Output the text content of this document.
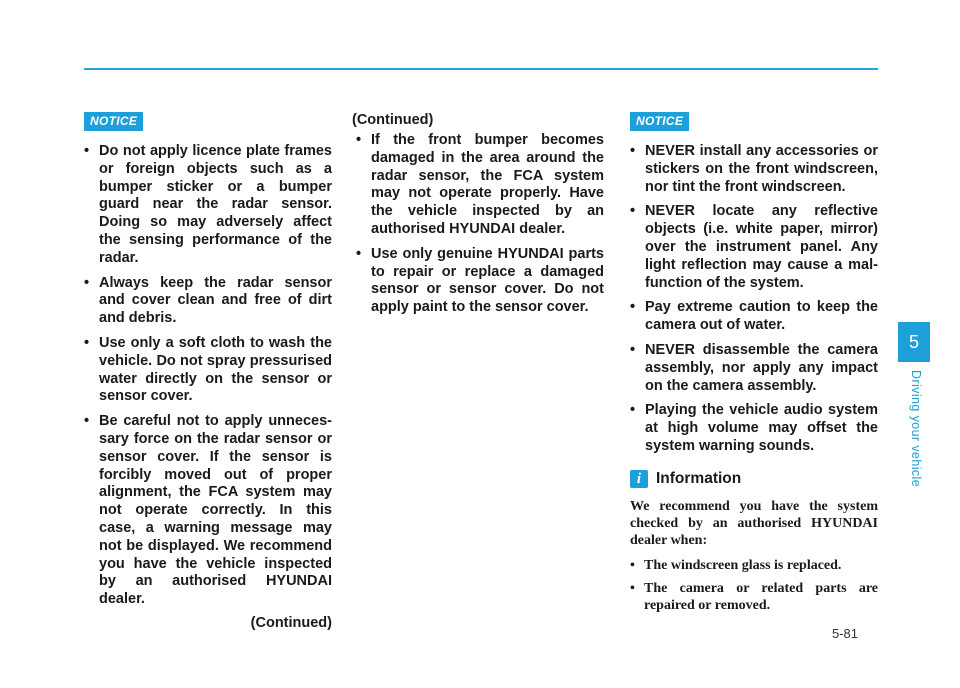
NOTICE
• Do not apply licence plate frames or foreign objects such as a bumper sticker or a bumper guard near the radar sensor. Doing so may adversely affect the sensing performance of the radar.
• Always keep the radar sensor and cover clean and free of dirt and debris.
• Use only a soft cloth to wash the vehicle. Do not spray pressurised water directly on the sensor or sensor cover.
• Be careful not to apply unnecessary force on the radar sensor or sensor cover. If the sensor is forcibly moved out of proper alignment, the FCA system may not operate correctly. In this case, a warning message may not be displayed. We recommend you have the vehicle inspected by an authorised HYUNDAI dealer.
(Continued)
(Continued)
• If the front bumper becomes damaged in the area around the radar sensor, the FCA system may not operate properly. Have the vehicle inspected by an authorised HYUNDAI dealer.
• Use only genuine HYUNDAI parts to repair or replace a damaged sensor or sensor cover. Do not apply paint to the sensor cover.
NOTICE
• NEVER install any accessories or stickers on the front windscreen, nor tint the front windscreen.
• NEVER locate any reflective objects (i.e. white paper, mirror) over the instrument panel. Any light reflection may cause a malfunction of the system.
• Pay extreme caution to keep the camera out of water.
• NEVER disassemble the camera assembly, nor apply any impact on the camera assembly.
• Playing the vehicle audio system at high volume may offset the system warning sounds.
i Information
We recommend you have the system checked by an authorised HYUNDAI dealer when:
• The windscreen glass is replaced.
• The camera or related parts are repaired or removed.
5
Driving your vehicle
5-81
